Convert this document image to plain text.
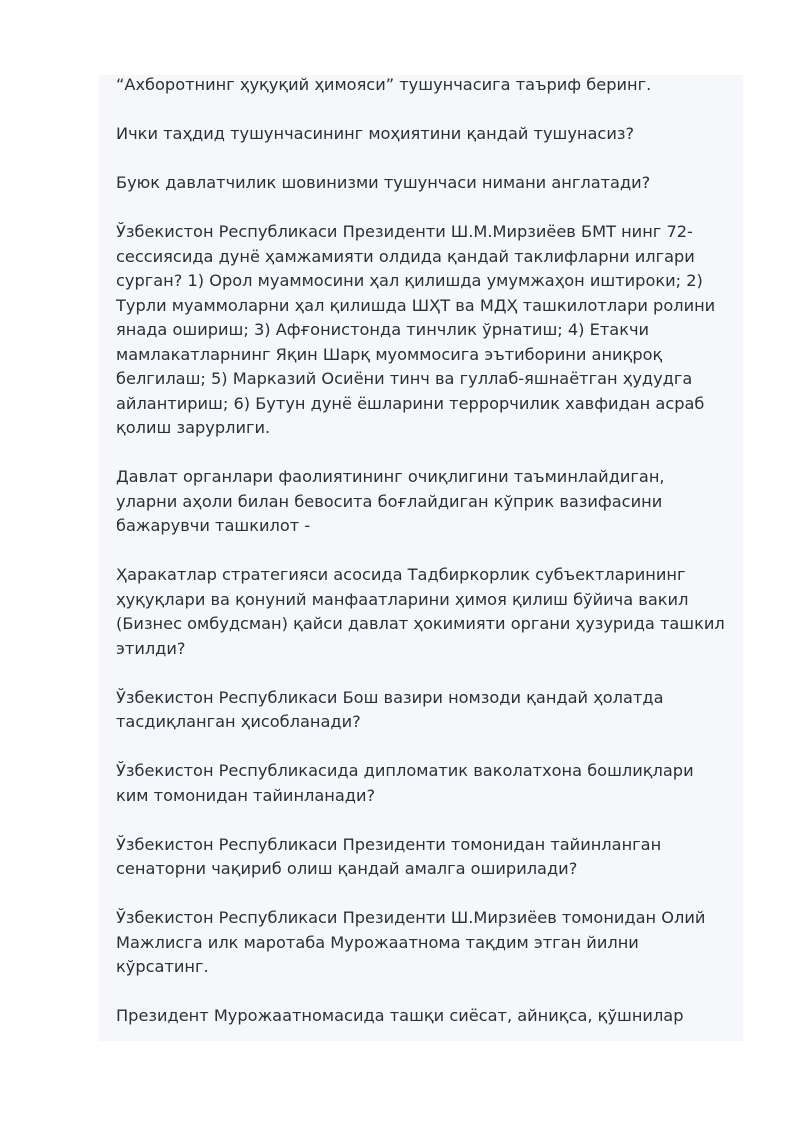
“Ахборотнинг ҳуқуқий ҳимояси” тушунчасига таъриф беринг.

Ички таҳдид тушунчасининг моҳиятини қандай тушунасиз?

Буюк давлатчилик шовинизми тушунчаси нимани англатади?

Ўзбекистон Республикаси Президенти Ш.М.Мирзиёев БМТ нинг 72-
сессиясида дунё ҳамжамияти олдида қандай таклифларни илгари
сурган? 1) Орол муаммосини ҳал қилишда умумжаҳон иштироки; 2)
Турли муаммоларни ҳал қилишда ШҲТ ва МДҲ ташкилотлари ролини
янада ошириш; 3) Афғонистонда тинчлик ўрнатиш; 4) Етакчи
мамлакатларнинг Яқин Шарқ муоммосига эътиборини аниқроқ
белгилаш; 5) Марказий Осиёни тинч ва гуллаб-яшнаётган ҳудудга
айлантириш; 6) Бутун дунё ёшларини террорчилик хавфидан асраб
қолиш зарурлиги.

Давлат органлари фаолиятининг очиқлигини таъминлайдиган,
уларни аҳоли билан бевосита боғлайдиган кўприк вазифасини
бажарувчи ташкилот -

Ҳаракатлар стратегияси асосида Тадбиркорлик субъектларининг
ҳуқуқлари ва қонуний манфаатларини ҳимоя қилиш бўйича вакил
(Бизнес омбудсман) қайси давлат ҳокимияти органи ҳузурида ташкил
этилди?

Ўзбекистон Республикаси Бош вазири номзоди қандай ҳолатда
тасдиқланган ҳисобланади?

Ўзбекистон Республикасида дипломатик ваколатхона бошлиқлари
ким томонидан тайинланади?

Ўзбекистон Республикаси Президенти томонидан тайинланган
сенаторни чақириб олиш қандай амалга оширилади?

Ўзбекистон Республикаси Президенти Ш.Мирзиёев томонидан Олий
Мажлисга илк маротаба Мурожаатнома тақдим этган йилни
кўрсатинг.

Президент Мурожаатномасида ташқи сиёсат, айниқса, қўшнилар
